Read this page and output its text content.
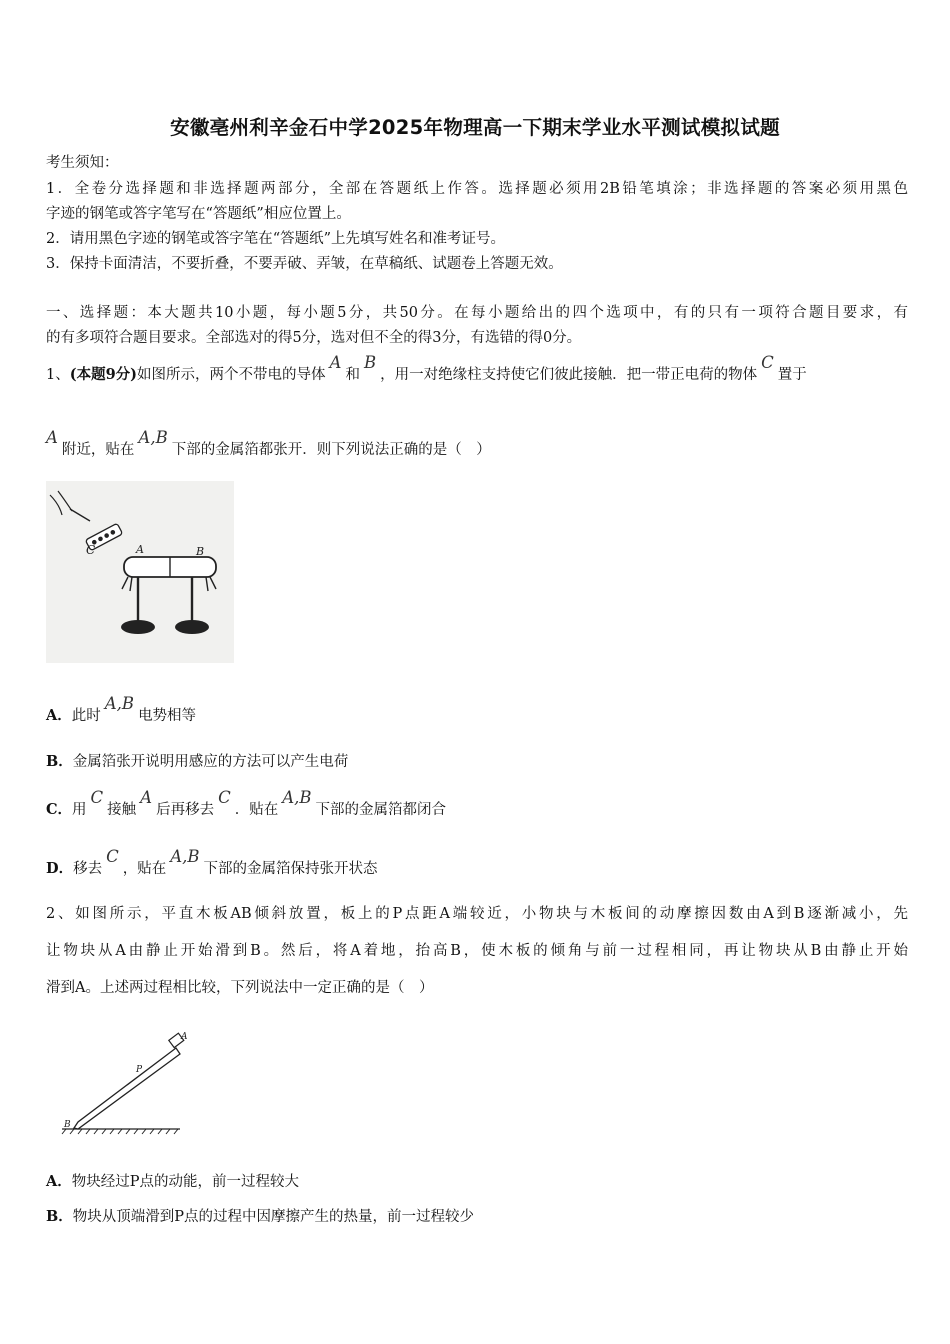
安徽亳州利辛金石中学2025年物理高一下期末学业水平测试模拟试题
考生须知：
1．全卷分选择题和非选择题两部分，全部在答题纸上作答。选择题必须用2B铅笔填涂；非选择题的答案必须用黑色
字迹的钢笔或答字笔写在“答题纸”相应位置上。
2．请用黑色字迹的钢笔或答字笔在“答题纸”上先填写姓名和准考证号。
3．保持卡面清洁，不要折叠，不要弄破、弄皱，在草稿纸、试题卷上答题无效。
一、选择题：本大题共10小题，每小题5分，共50分。在每小题给出的四个选项中，有的只有一项符合题目要求，有
的有多项符合题目要求。全部选对的得5分，选对但不全的得3分，有选错的得0分。
1、(本题9分)如图所示，两个不带电的导体A和B，用一对绝缘柱支持使它们彼此接触．把一带正电荷的物体C置于
A附近，贴在A,B下部的金属箔都张开．则下列说法正确的是（　）
C	A	B
A．此时A,B电势相等
B．金属箔张开说明用感应的方法可以产生电荷
C．用C接触A后再移去C．贴在A,B下部的金属箔都闭合
D．移去C，贴在A,B下部的金属箔保持张开状态
2、如图所示，平直木板AB倾斜放置，板上的P点距A端较近，小物块与木板间的动摩擦因数由A到B逐渐减小，先
让物块从A由静止开始滑到B。然后，将A着地，抬高B，使木板的倾角与前一过程相同，再让物块从B由静止开始
滑到A。上述两过程相比较，下列说法中一定正确的是（　）
A
P
B
A．物块经过P点的动能，前一过程较大
B．物块从顶端滑到P点的过程中因摩擦产生的热量，前一过程较少
